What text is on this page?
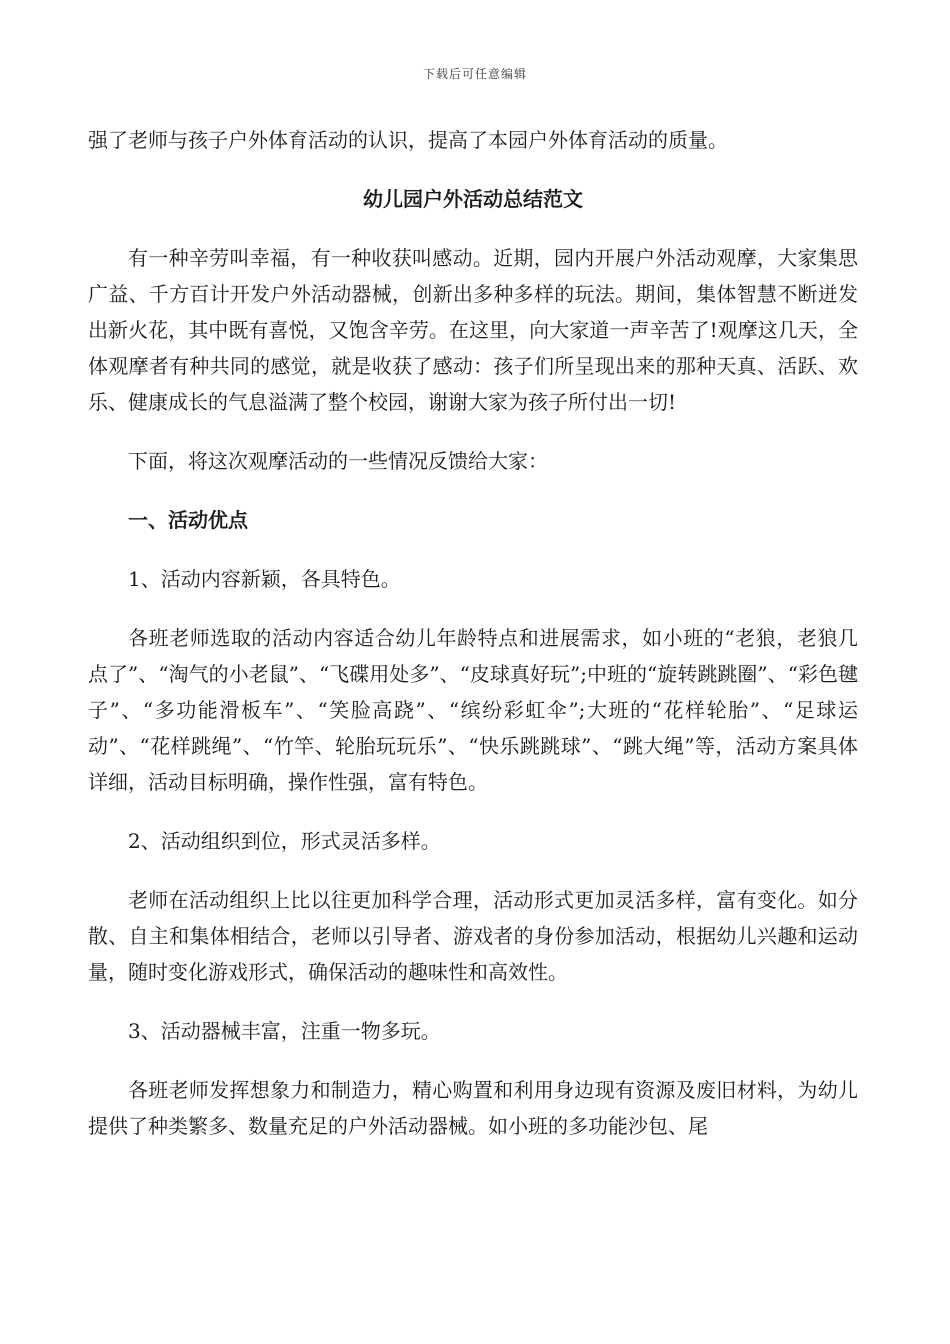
下载后可任意编辑
强了老师与孩子户外体育活动的认识，提高了本园户外体育活动的质量。
幼儿园户外活动总结范文
有一种辛劳叫幸福，有一种收获叫感动。近期，园内开展户外活动观摩，大家集思广益、千方百计开发户外活动器械，创新出多种多样的玩法。期间，集体智慧不断迸发出新火花，其中既有喜悦，又饱含辛劳。在这里，向大家道一声辛苦了!观摩这几天，全体观摩者有种共同的感觉，就是收获了感动：孩子们所呈现出来的那种天真、活跃、欢乐、健康成长的气息溢满了整个校园，谢谢大家为孩子所付出一切!
下面，将这次观摩活动的一些情况反馈给大家：
一、活动优点
1、活动内容新颖，各具特色。
各班老师选取的活动内容适合幼儿年龄特点和进展需求，如小班的“老狼，老狼几点了”、“淘气的小老鼠”、“飞碟用处多”、“皮球真好玩”;中班的“旋转跳跳圈”、“彩色毽子”、“多功能滑板车”、“笑脸高跷”、“缤纷彩虹伞”;大班的“花样轮胎”、“足球运动”、“花样跳绳”、“竹竿、轮胎玩玩乐”、“快乐跳跳球”、“跳大绳”等，活动方案具体详细，活动目标明确，操作性强，富有特色。
2、活动组织到位，形式灵活多样。
老师在活动组织上比以往更加科学合理，活动形式更加灵活多样，富有变化。如分散、自主和集体相结合，老师以引导者、游戏者的身份参加活动，根据幼儿兴趣和运动量，随时变化游戏形式，确保活动的趣味性和高效性。
3、活动器械丰富，注重一物多玩。
各班老师发挥想象力和制造力，精心购置和利用身边现有资源及废旧材料，为幼儿提供了种类繁多、数量充足的户外活动器械。如小班的多功能沙包、尾
